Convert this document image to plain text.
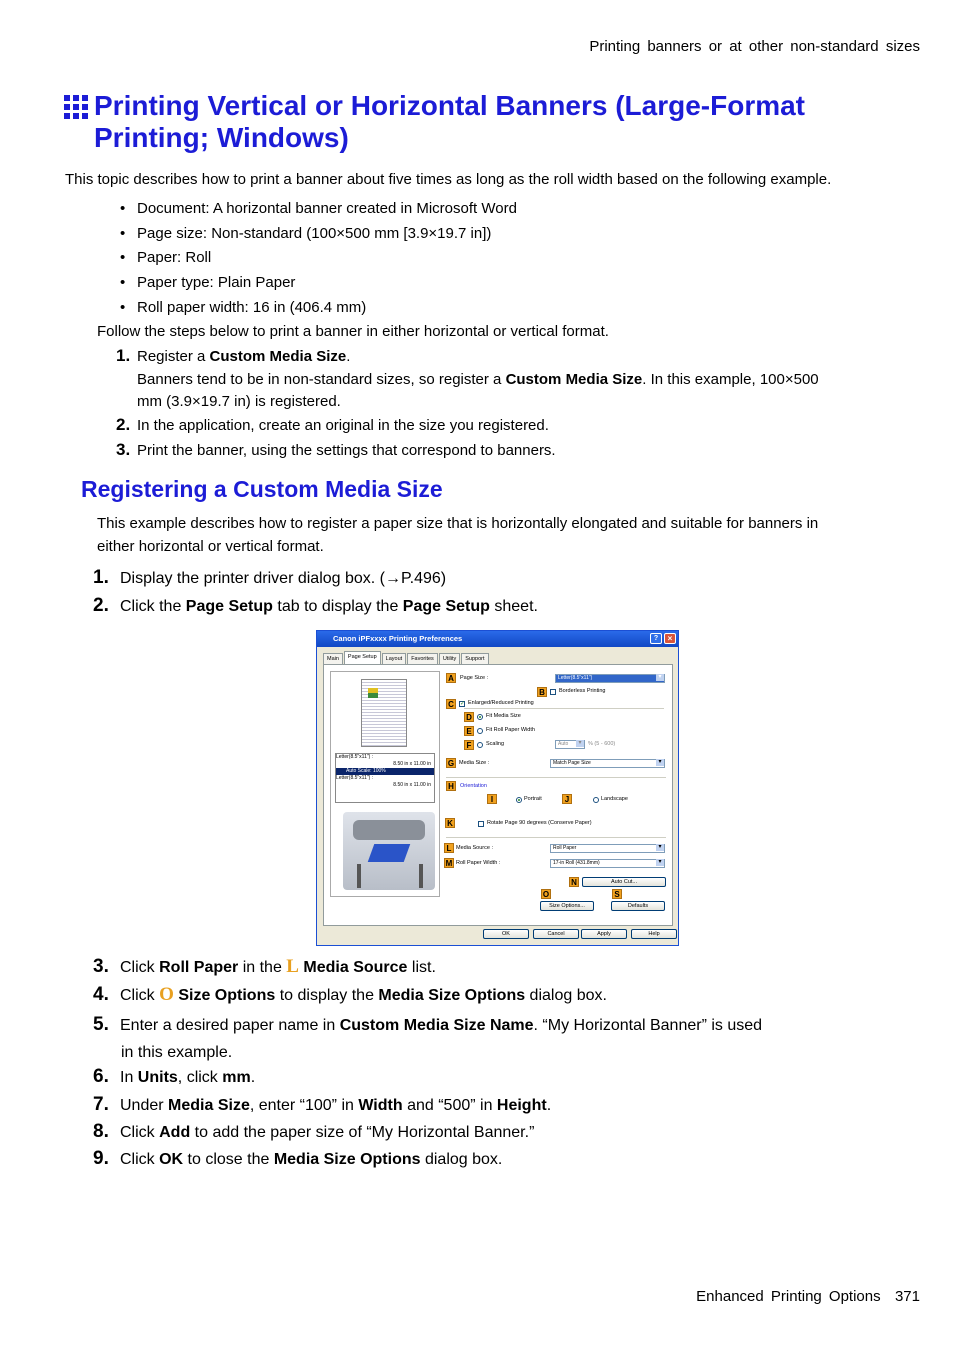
Printing banners or at other non-standard sizes
Enhanced Printing Options 371
Printing Vertical or Horizontal Banners (Large-Format
Printing; Windows)
This topic describes how to print a banner about five times as long as the roll width based on the following example.
• Document: A horizontal banner created in Microsoft Word
• Page size: Non-standard (100×500 mm [3.9×19.7 in])
• Paper: Roll
• Paper type: Plain Paper
• Roll paper width: 16 in (406.4 mm)
Follow the steps below to print a banner in either horizontal or vertical format.
1. Register a Custom Media Size.
Banners tend to be in non-standard sizes, so register a Custom Media Size. In this example, 100×500
mm (3.9×19.7 in) is registered.
2. In the application, create an original in the size you registered.
3. Print the banner, using the settings that correspond to banners.
Registering a Custom Media Size
This example describes how to register a paper size that is horizontally elongated and suitable for banners in
either horizontal or vertical format.
1. Display the printer driver dialog box. (→P.496)
2. Click the Page Setup tab to display the Page Setup sheet.
Canon iPFxxxx Printing Preferences	?	×
Main	Page Setup	Layout	Favorites	Utility	Support
Letter(8.5"x11") :
8.50 in x 11.00 in
Auto Scale: 100%
Letter(8.5"x11") :
8.50 in x 11.00 in
A
B
C
D
E
F
G
H
I	J
K
L
M
N
O	S
Page Size :	Letter(8.5"x11") ▾
Borderless Printing
✓
Enlarged/Reduced Printing
Fit Media Size
Fit Roll Paper Width
Scaling	Auto ▾	% (5 - 600)
Media Size :	Match Page Size ▾
Orientation
Portrait	Landscape
Rotate Page 90 degrees (Conserve Paper)
Media Source :	Roll Paper ▾
Roll Paper Width :	17-in Roll (431.8mm) ▾
Auto Cut...
Size Options...	Defaults
OK	Cancel	Apply	Help
3. Click Roll Paper in the L Media Source list.
4. Click O Size Options to display the Media Size Options dialog box.
5. Enter a desired paper name in Custom Media Size Name. “My Horizontal Banner” is used
in this example.
6. In Units, click mm.
7. Under Media Size, enter “100” in Width and “500” in Height.
8. Click Add to add the paper size of “My Horizontal Banner.”
9. Click OK to close the Media Size Options dialog box.
